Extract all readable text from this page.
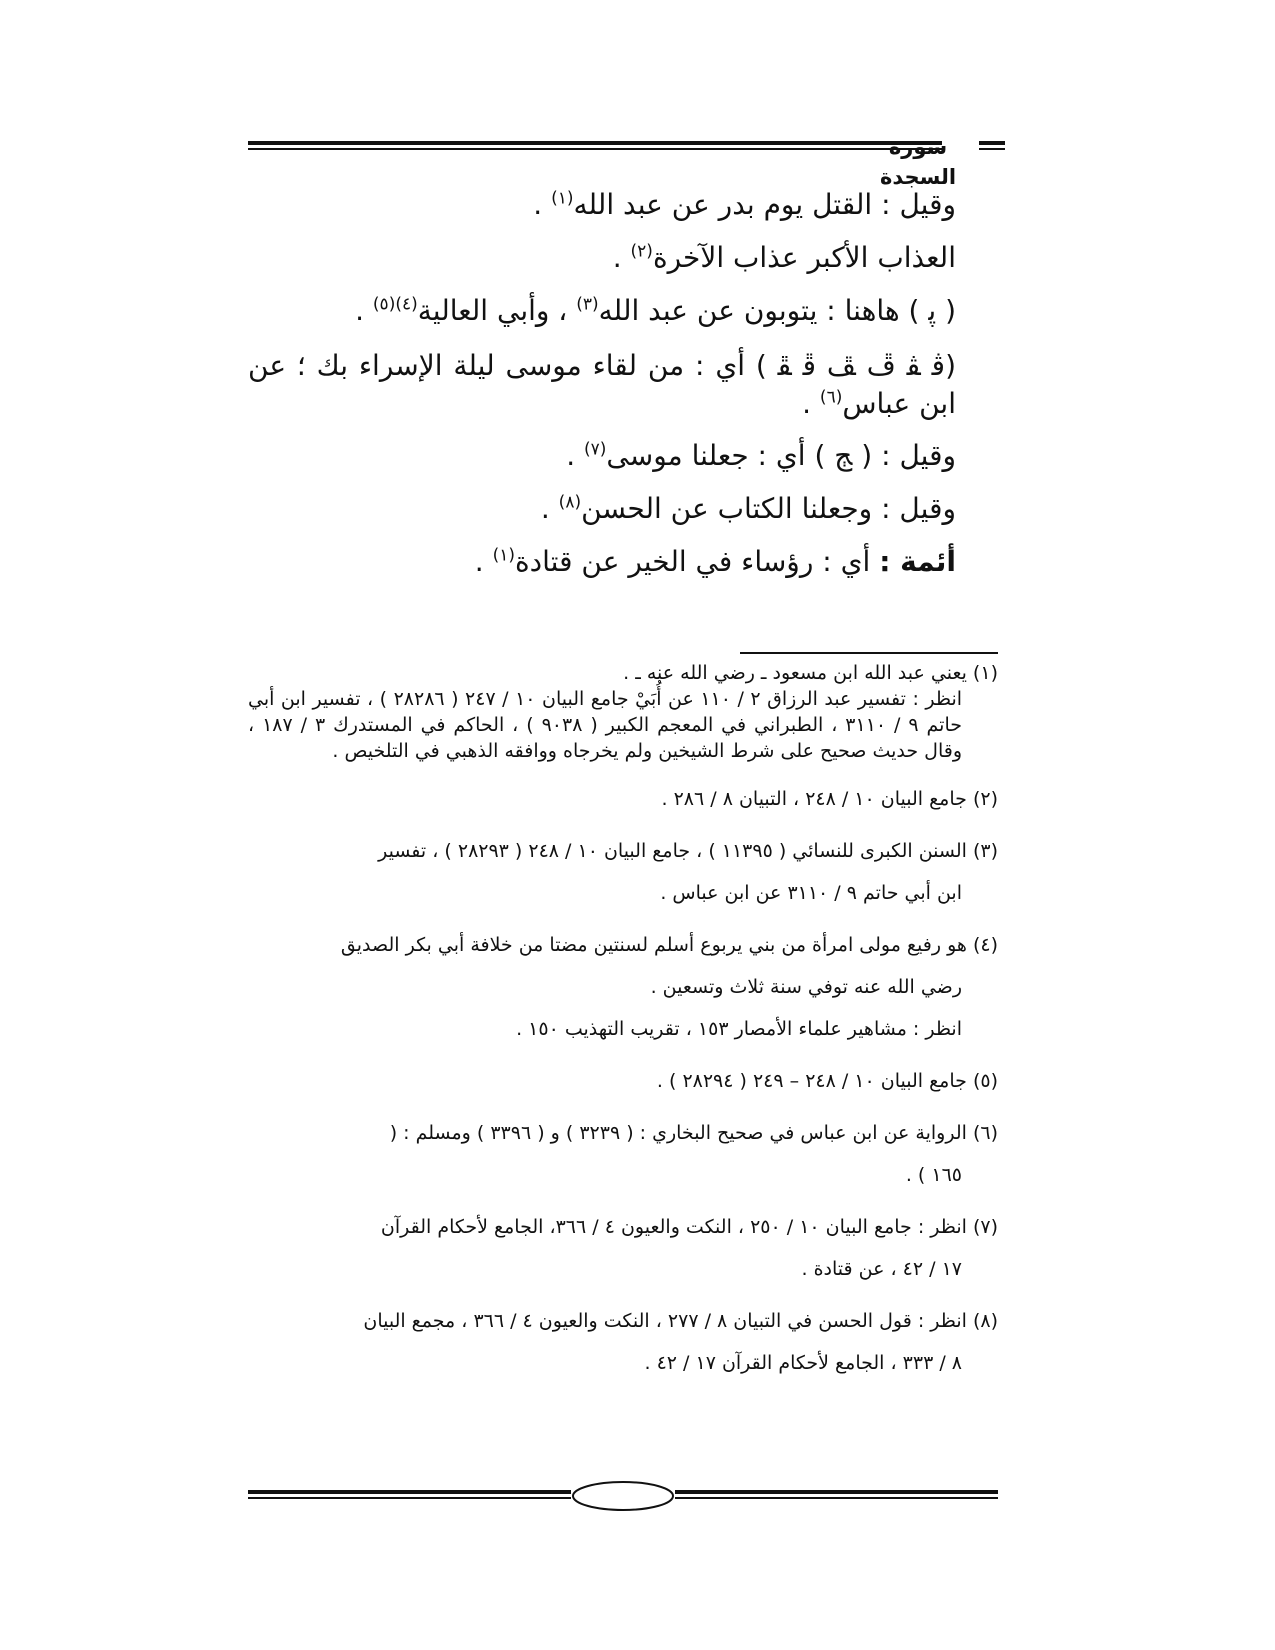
سورة السجدة

وقيل : القتل يوم بدر عن عبد الله$^{(١)}$ .

العذاب الأكبر عذاب الآخرة$^{(٢)}$ .

( ﭘ ) هاهنا : يتوبون عن عبد الله$^{(٣)}$ ، وأبي العالية$^{(٤)(٥)}$ .

(ﭬ ﭭ ﭮ ﭯ ﭰ ﭱ ) أي : من لقاء موسى ليلة الإسراء بك ؛ عن ابن عباس$^{(٦)}$ .

وقيل : ( ﭳ ) أي : جعلنا موسى$^{(٧)}$ .

وقيل : وجعلنا الكتاب عن الحسن$^{(٨)}$ .

أئمة : أي : رؤساء في الخير عن قتادة$^{(١)}$ .

(١) يعني عبد الله ابن مسعود ـ رضي الله عنه ـ .
انظر : تفسير عبد الرزاق ٢ / ١١٠ عن أُبَيْ جامع البيان ١٠ / ٢٤٧ ( ٢٨٢٨٦ ) ، تفسير ابن أبي حاتم ٩ / ٣١١٠ ، الطبراني في المعجم الكبير ( ٩٠٣٨ ) ، الحاكم في المستدرك ٣ / ١٨٧ ، وقال حديث صحيح على شرط الشيخين ولم يخرجاه ووافقه الذهبي في التلخيص .
(٢) جامع البيان ١٠ / ٢٤٨ ، التبيان ٨ / ٢٨٦ .
(٣) السنن الكبرى للنسائي ( ١١٣٩٥ ) ، جامع البيان ١٠ / ٢٤٨ ( ٢٨٢٩٣ ) ، تفسير
ابن أبي حاتم ٩ / ٣١١٠ عن ابن عباس .
(٤) هو رفيع مولى امرأة من بني يربوع أسلم لسنتين مضتا من خلافة أبي بكر الصديق
رضي الله عنه توفي سنة ثلاث وتسعين .
انظر : مشاهير علماء الأمصار ١٥٣ ، تقريب التهذيب ١٥٠ .
(٥) جامع البيان ١٠ / ٢٤٨ – ٢٤٩ ( ٢٨٢٩٤ ) .
(٦) الرواية عن ابن عباس في صحيح البخاري : ( ٣٢٣٩ ) و ( ٣٣٩٦ ) ومسلم : (
١٦٥ ) .
(٧) انظر : جامع البيان ١٠ / ٢٥٠ ، النكت والعيون ٤ / ٣٦٦، الجامع لأحكام القرآن
١٧ / ٤٢ ، عن قتادة .
(٨) انظر : قول الحسن في التبيان ٨ / ٢٧٧ ، النكت والعيون ٤ / ٣٦٦ ، مجمع البيان
٨ / ٣٣٣ ، الجامع لأحكام القرآن ١٧ / ٤٢ .
